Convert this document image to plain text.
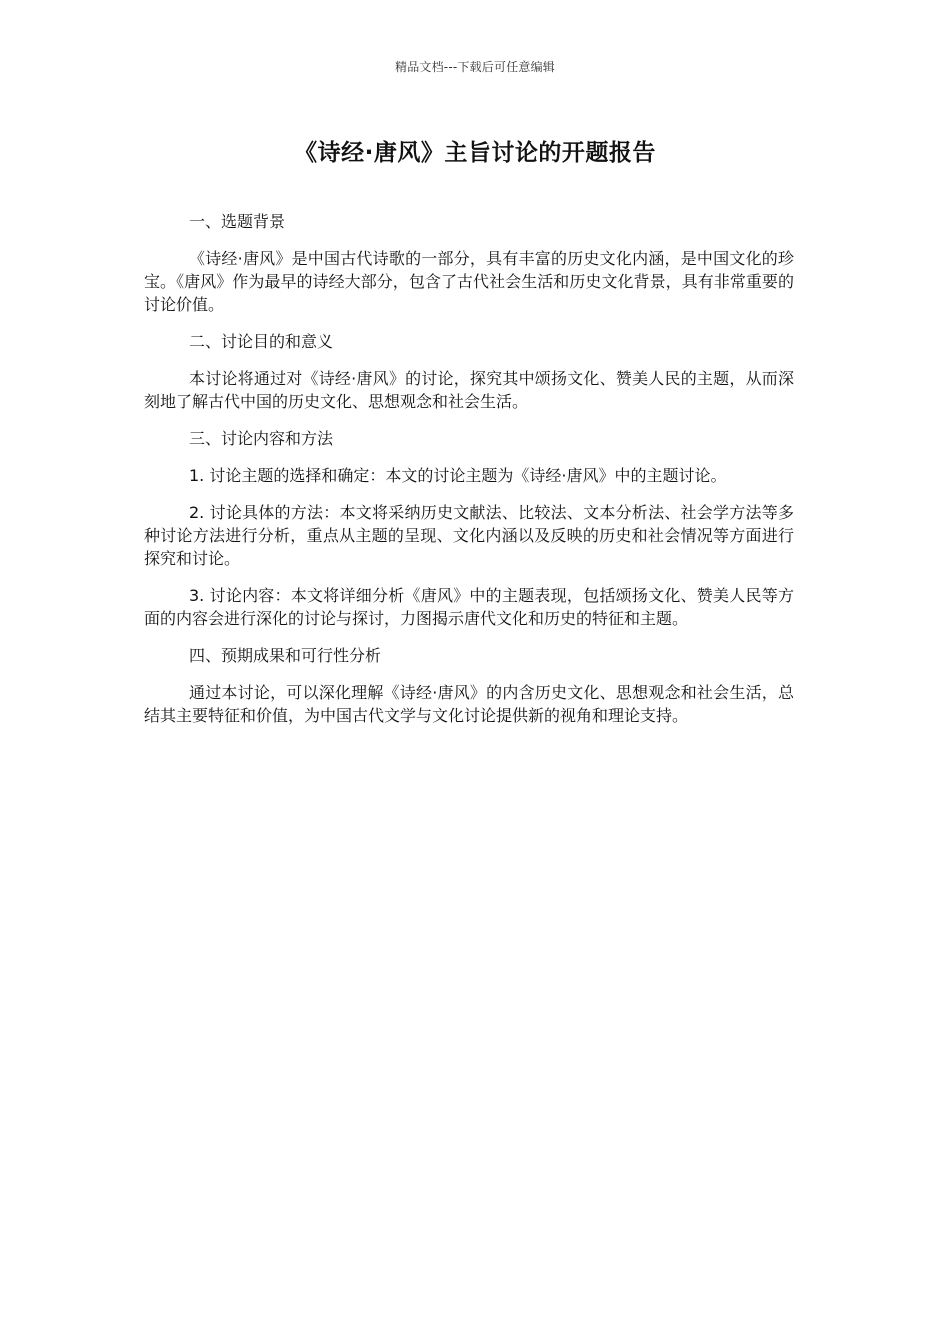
精品文档---下载后可任意编辑
《诗经·唐风》主旨讨论的开题报告

一、选题背景

《诗经·唐风》是中国古代诗歌的一部分，具有丰富的历史文化内涵，是中国文化的珍宝。《唐风》作为最早的诗经大部分，包含了古代社会生活和历史文化背景，具有非常重要的讨论价值。

二、讨论目的和意义

本讨论将通过对《诗经·唐风》的讨论，探究其中颂扬文化、赞美人民的主题，从而深刻地了解古代中国的历史文化、思想观念和社会生活。

三、讨论内容和方法

1. 讨论主题的选择和确定：本文的讨论主题为《诗经·唐风》中的主题讨论。

2. 讨论具体的方法：本文将采纳历史文献法、比较法、文本分析法、社会学方法等多种讨论方法进行分析，重点从主题的呈现、文化内涵以及反映的历史和社会情况等方面进行探究和讨论。

3. 讨论内容：本文将详细分析《唐风》中的主题表现，包括颂扬文化、赞美人民等方面的内容会进行深化的讨论与探讨，力图揭示唐代文化和历史的特征和主题。

四、预期成果和可行性分析

通过本讨论，可以深化理解《诗经·唐风》的内含历史文化、思想观念和社会生活，总结其主要特征和价值，为中国古代文学与文化讨论提供新的视角和理论支持。
